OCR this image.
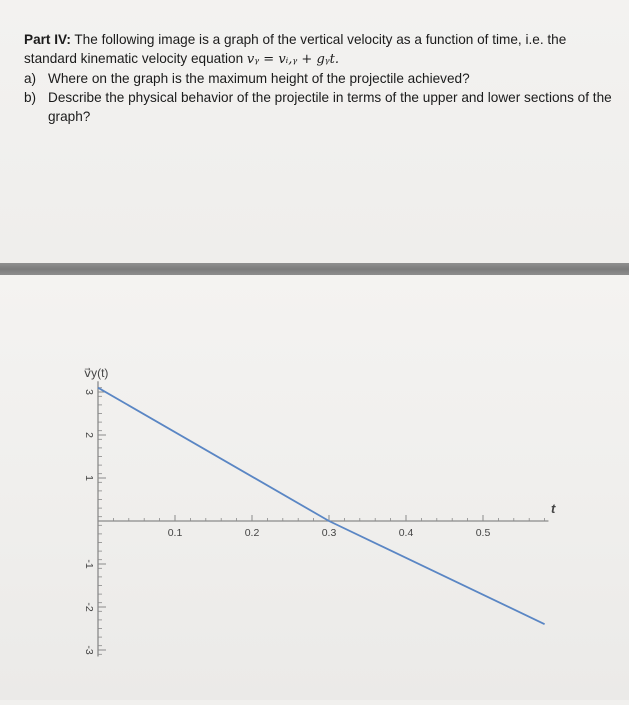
Part IV: The following image is a graph of the vertical velocity as a function of time, i.e. the standard kinematic velocity equation vᵧ = vᵢ,ᵧ + gᵧt.

a) Where on the graph is the maximum height of the projectile achieved?

b) Describe the physical behavior of the projectile in terms of the upper and lower sections of the graph?

v⃗y(t)
t
0.1	0.2	0.3	0.4	0.5
3
2
1
-1
-2
-3
